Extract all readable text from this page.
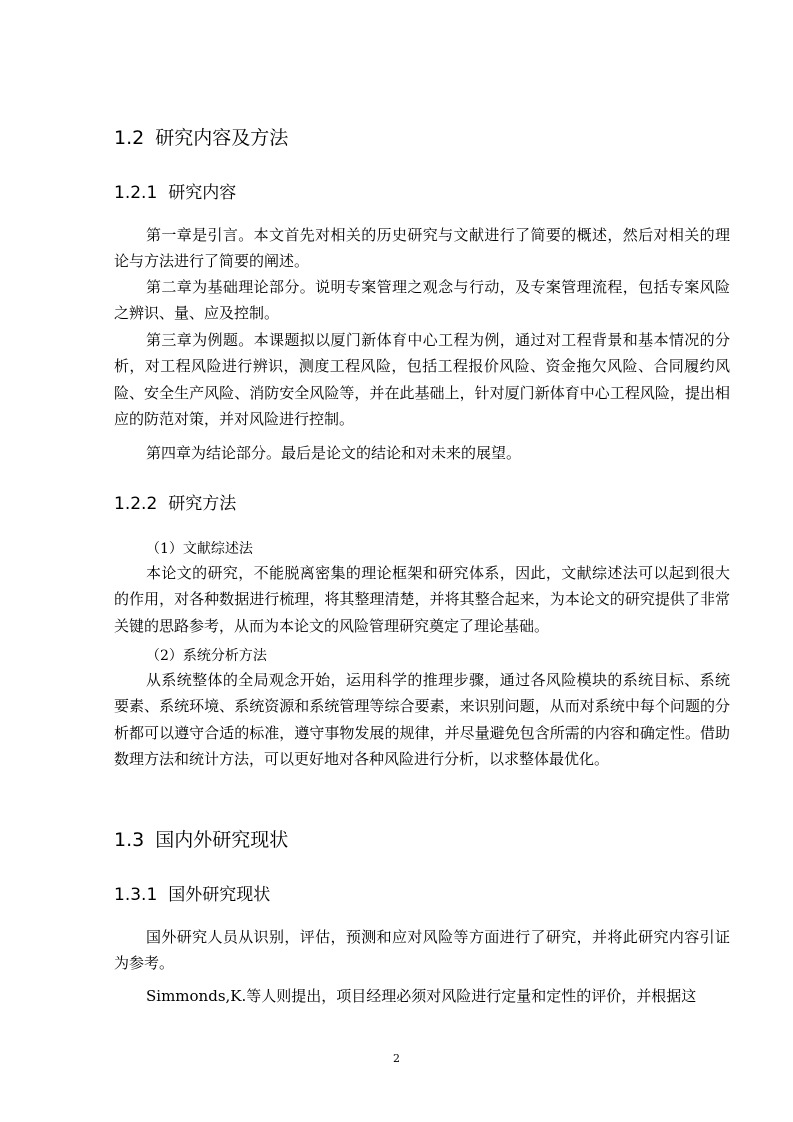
1.2 研究内容及方法
1.2.1 研究内容

第一章是引言。本文首先对相关的历史研究与文献进行了简要的概述，然后对相关的理论与方法进行了简要的阐述。

第二章为基础理论部分。说明专案管理之观念与行动，及专案管理流程，包括专案风险之辨识、量、应及控制。

第三章为例题。本课题拟以厦门新体育中心工程为例，通过对工程背景和基本情况的分析，对工程风险进行辨识，测度工程风险，包括工程报价风险、资金拖欠风险、合同履约风险、安全生产风险、消防安全风险等，并在此基础上，针对厦门新体育中心工程风险，提出相应的防范对策，并对风险进行控制。

第四章为结论部分。最后是论文的结论和对未来的展望。

1.2.2 研究方法

（1）文献综述法

本论文的研究，不能脱离密集的理论框架和研究体系，因此，文献综述法可以起到很大的作用，对各种数据进行梳理，将其整理清楚，并将其整合起来，为本论文的研究提供了非常关键的思路参考，从而为本论文的风险管理研究奠定了理论基础。

（2）系统分析方法

从系统整体的全局观念开始，运用科学的推理步骤，通过各风险模块的系统目标、系统要素、系统环境、系统资源和系统管理等综合要素，来识别问题，从而对系统中每个问题的分析都可以遵守合适的标准，遵守事物发展的规律，并尽量避免包含所需的内容和确定性。借助数理方法和统计方法，可以更好地对各种风险进行分析，以求整体最优化。

1.3 国内外研究现状
1.3.1 国外研究现状

国外研究人员从识别，评估，预测和应对风险等方面进行了研究，并将此研究内容引证为参考。

Simmonds,K.等人则提出，项目经理必须对风险进行定量和定性的评价，并根据这

2
